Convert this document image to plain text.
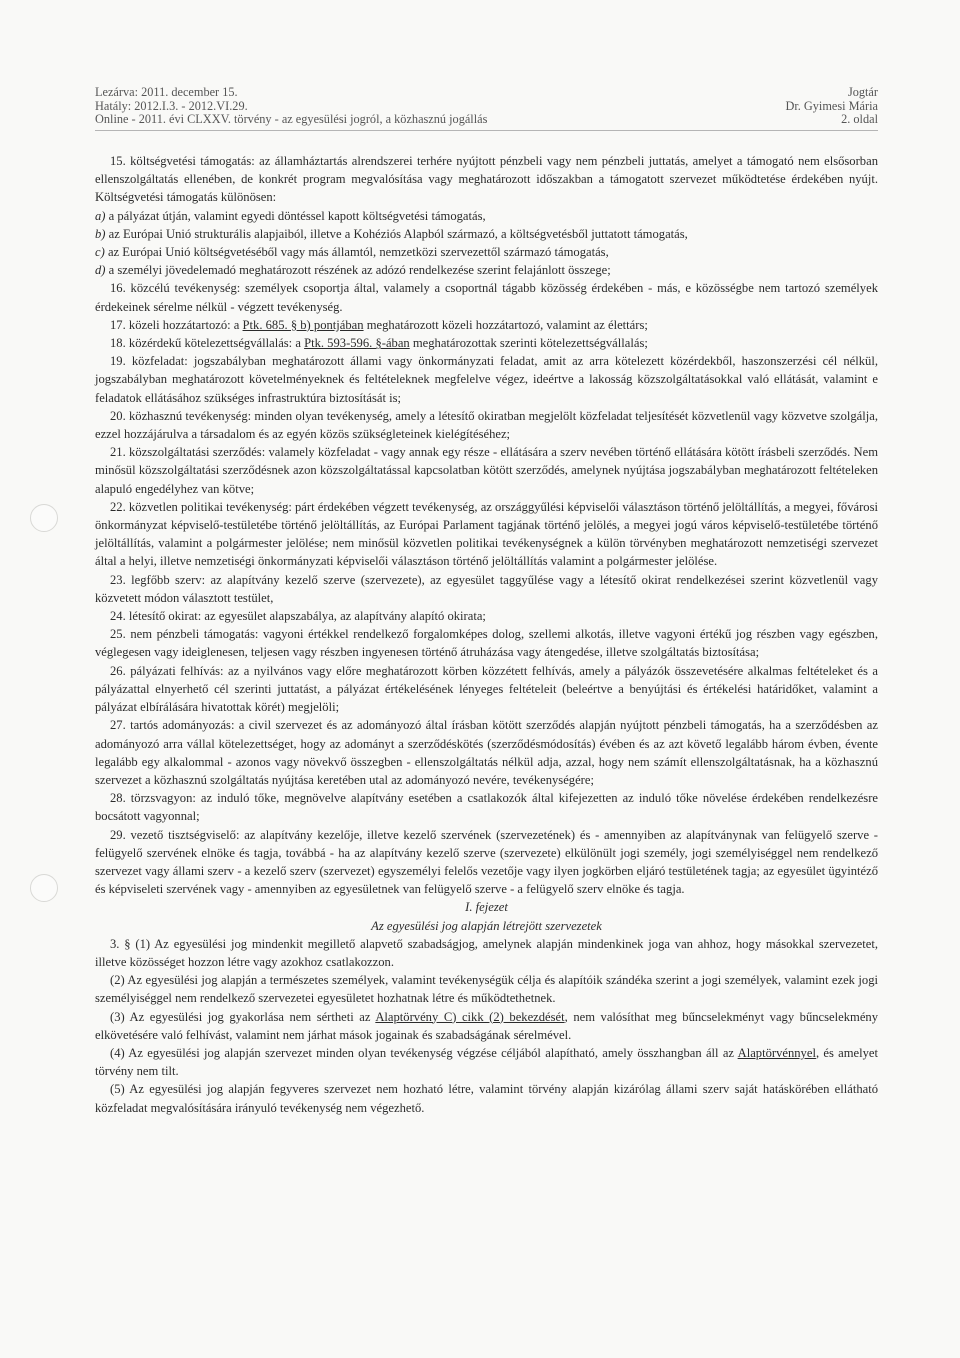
Lezárva: 2011. december 15.
Hatály: 2012.I.3. - 2012.VI.29.
Online - 2011. évi CLXXV. törvény - az egyesülési jogról, a közhasznú jogállás
Jogtár
Dr. Gyimesi Mária
2. oldal

15. költségvetési támogatás: az államháztartás alrendszerei terhére nyújtott pénzbeli vagy nem pénzbeli juttatás, amelyet a támogató nem elsősorban ellenszolgáltatás ellenében, de konkrét program megvalósítása vagy meghatározott időszakban a támogatott szervezet működtetése érdekében nyújt. Költségvetési támogatás különösen:

a) a pályázat útján, valamint egyedi döntéssel kapott költségvetési támogatás,

b) az Európai Unió strukturális alapjaiból, illetve a Kohéziós Alapból származó, a költségvetésből juttatott támogatás,

c) az Európai Unió költségvetéséből vagy más államtól, nemzetközi szervezettől származó támogatás,

d) a személyi jövedelemadó meghatározott részének az adózó rendelkezése szerint felajánlott összege;

16. közcélú tevékenység: személyek csoportja által, valamely a csoportnál tágabb közösség érdekében - más, e közösségbe nem tartozó személyek érdekeinek sérelme nélkül - végzett tevékenység.

17. közeli hozzátartozó: a Ptk. 685. § b) pontjában meghatározott közeli hozzátartozó, valamint az élettárs;

18. közérdekű kötelezettségvállalás: a Ptk. 593-596. §-ában meghatározottak szerinti kötelezettségvállalás;

19. közfeladat: jogszabályban meghatározott állami vagy önkormányzati feladat, amit az arra kötelezett közérdekből, haszonszerzési cél nélkül, jogszabályban meghatározott követelményeknek és feltételeknek megfelelve végez, ideértve a lakosság közszolgáltatásokkal való ellátását, valamint e feladatok ellátásához szükséges infrastruktúra biztosítását is;

20. közhasznú tevékenység: minden olyan tevékenység, amely a létesítő okiratban megjelölt közfeladat teljesítését közvetlenül vagy közvetve szolgálja, ezzel hozzájárulva a társadalom és az egyén közös szükségleteinek kielégítéséhez;

21. közszolgáltatási szerződés: valamely közfeladat - vagy annak egy része - ellátására a szerv nevében történő ellátására kötött írásbeli szerződés. Nem minősül közszolgáltatási szerződésnek azon közszolgáltatással kapcsolatban kötött szerződés, amelynek nyújtása jogszabályban meghatározott feltételeken alapuló engedélyhez van kötve;

22. közvetlen politikai tevékenység: párt érdekében végzett tevékenység, az országgyűlési képviselői választáson történő jelöltállítás, a megyei, fővárosi önkormányzat képviselő-testületébe történő jelöltállítás, az Európai Parlament tagjának történő jelölés, a megyei jogú város képviselő-testületébe történő jelöltállítás, valamint a polgármester jelölése; nem minősül közvetlen politikai tevékenységnek a külön törvényben meghatározott nemzetiségi szervezet által a helyi, illetve nemzetiségi önkormányzati képviselői választáson történő jelöltállítás valamint a polgármester jelölése.

23. legfőbb szerv: az alapítvány kezelő szerve (szervezete), az egyesület taggyűlése vagy a létesítő okirat rendelkezései szerint közvetlenül vagy közvetett módon választott testület,

24. létesítő okirat: az egyesület alapszabálya, az alapítvány alapító okirata;

25. nem pénzbeli támogatás: vagyoni értékkel rendelkező forgalomképes dolog, szellemi alkotás, illetve vagyoni értékű jog részben vagy egészben, véglegesen vagy ideiglenesen, teljesen vagy részben ingyenesen történő átruházása vagy átengedése, illetve szolgáltatás biztosítása;

26. pályázati felhívás: az a nyilvános vagy előre meghatározott körben közzétett felhívás, amely a pályázók összevetésére alkalmas feltételeket és a pályázattal elnyerhető cél szerinti juttatást, a pályázat értékelésének lényeges feltételeit (beleértve a benyújtási és értékelési határidőket, valamint a pályázat elbírálására hivatottak körét) megjelöli;

27. tartós adományozás: a civil szervezet és az adományozó által írásban kötött szerződés alapján nyújtott pénzbeli támogatás, ha a szerződésben az adományozó arra vállal kötelezettséget, hogy az adományt a szerződéskötés (szerződésmódosítás) évében és az azt követő legalább három évben, évente legalább egy alkalommal - azonos vagy növekvő összegben - ellenszolgáltatás nélkül adja, azzal, hogy nem számít ellenszolgáltatásnak, ha a közhasznú szervezet a közhasznú szolgáltatás nyújtása keretében utal az adományozó nevére, tevékenységére;

28. törzsvagyon: az induló tőke, megnövelve alapítvány esetében a csatlakozók által kifejezetten az induló tőke növelése érdekében rendelkezésre bocsátott vagyonnal;

29. vezető tisztségviselő: az alapítvány kezelője, illetve kezelő szervének (szervezetének) és - amennyiben az alapítványnak van felügyelő szerve - felügyelő szervének elnöke és tagja, továbbá - ha az alapítvány kezelő szerve (szervezete) elkülönült jogi személy, jogi személyiséggel nem rendelkező szervezet vagy állami szerv - a kezelő szerv (szervezet) egyszemélyi felelős vezetője vagy ilyen jogkörben eljáró testületének tagja; az egyesület ügyintéző és képviseleti szervének vagy - amennyiben az egyesületnek van felügyelő szerve - a felügyelő szerv elnöke és tagja.

I. fejezet

Az egyesülési jog alapján létrejött szervezetek

3. § (1) Az egyesülési jog mindenkit megillető alapvető szabadságjog, amelynek alapján mindenkinek joga van ahhoz, hogy másokkal szervezetet, illetve közösséget hozzon létre vagy azokhoz csatlakozzon.

(2) Az egyesülési jog alapján a természetes személyek, valamint tevékenységük célja és alapítóik szándéka szerint a jogi személyek, valamint ezek jogi személyiséggel nem rendelkező szervezetei egyesületet hozhatnak létre és működtethetnek.

(3) Az egyesülési jog gyakorlása nem sértheti az Alaptörvény C) cikk (2) bekezdését, nem valósíthat meg bűncselekményt vagy bűncselekmény elkövetésére való felhívást, valamint nem járhat mások jogainak és szabadságának sérelmével.

(4) Az egyesülési jog alapján szervezet minden olyan tevékenység végzése céljából alapítható, amely összhangban áll az Alaptörvénnyel, és amelyet törvény nem tilt.

(5) Az egyesülési jog alapján fegyveres szervezet nem hozható létre, valamint törvény alapján kizárólag állami szerv saját hatáskörében ellátható közfeladat megvalósítására irányuló tevékenység nem végezhető.
